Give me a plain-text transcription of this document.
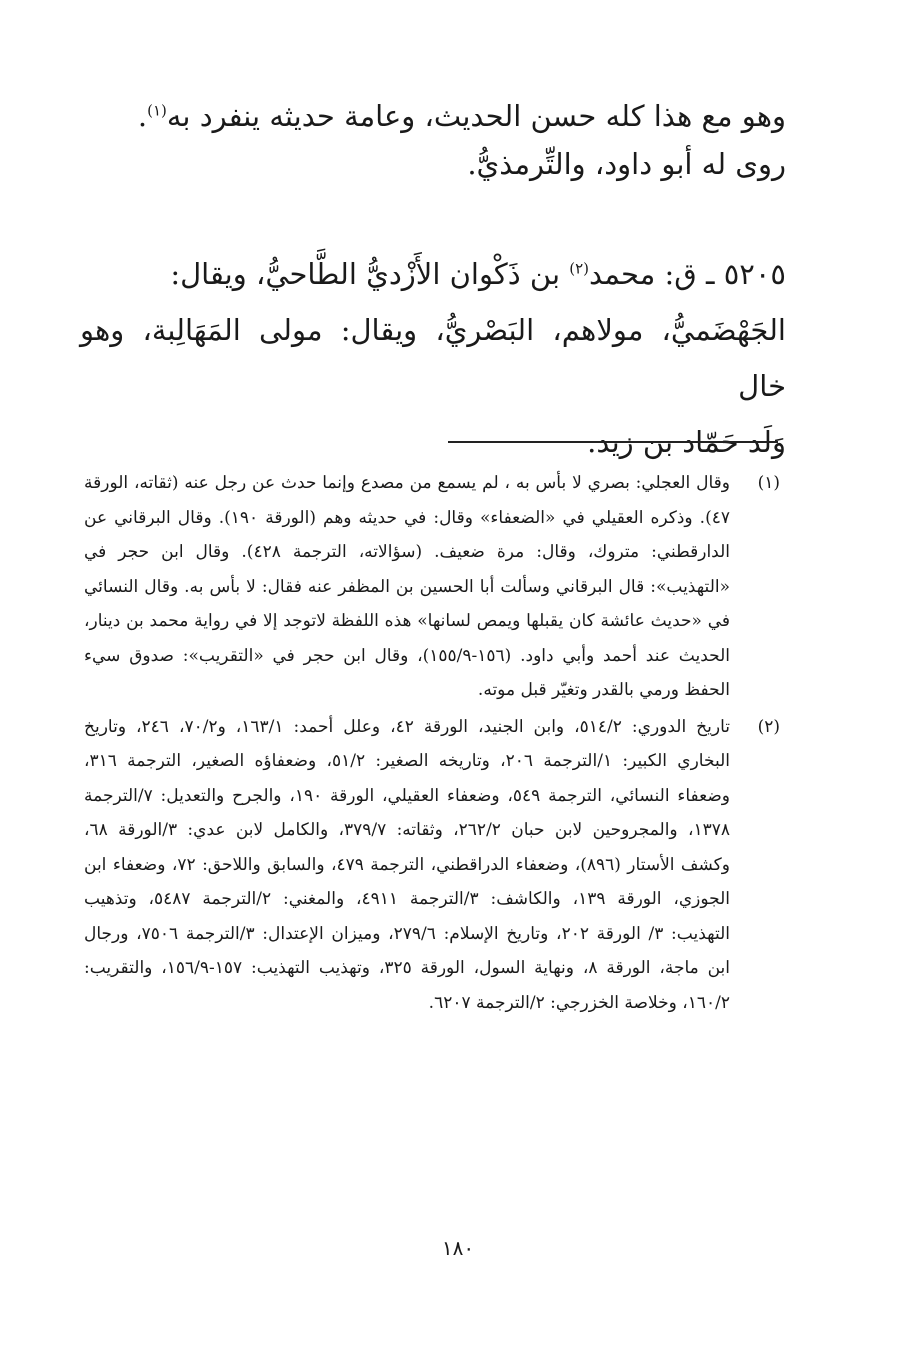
وهو مع هذا كله حسن الحديث، وعامة حديثه ينفرد به$^{(١)}$.

روى له أبو داود، والتِّرمذيُّ.

٥٢٠٥ ـ ق: محمد$^{(٢)}$ بن ذَكْوان الأَزْديُّ الطَّاحيُّ، ويقال:
الجَهْضَميُّ، مولاهم، البَصْريُّ، ويقال: مولى المَهَالِبة، وهو خال
وَلَد حَمّاد بن زيد.
(١)
وقال العجلي: بصري لا بأس به ، لم يسمع من مصدع وإنما حدث عن رجل عنه (ثقاته، الورقة ٤٧). وذكره العقيلي في «الضعفاء» وقال: في حديثه وهم (الورقة ١٩٠). وقال البرقاني عن الدارقطني: متروك، وقال: مرة ضعيف. (سؤالاته، الترجمة ٤٢٨). وقال ابن حجر في «التهذيب»: قال البرقاني وسألت أبا الحسين بن المظفر عنه فقال: لا بأس به. وقال النسائي في «حديث عائشة كان يقبلها ويمص لسانها» هذه اللفظة لاتوجد إلا في رواية محمد بن دينار، الحديث عند أحمد وأبي داود. (١٥٦-١٥٥/٩)، وقال ابن حجر في «التقريب»: صدوق سيء الحفظ ورمي بالقدر وتغيّر قبل موته.
(٢)
تاريخ الدوري: ٥١٤/٢، وابن الجنيد، الورقة ٤٢، وعلل أحمد: ١٦٣/١، و٧٠/٢، ٢٤٦، وتاريخ البخاري الكبير: ١/الترجمة ٢٠٦، وتاريخه الصغير: ٥١/٢، وضعفاؤه الصغير، الترجمة ٣١٦، وضعفاء النسائي، الترجمة ٥٤٩، وضعفاء العقيلي، الورقة ١٩٠، والجرح والتعديل: ٧/الترجمة ١٣٧٨، والمجروحين لابن حبان ٢٦٢/٢، وثقاته: ٣٧٩/٧، والكامل لابن عدي: ٣/الورقة ٦٨، وكشف الأستار (٨٩٦)، وضعفاء الدراقطني، الترجمة ٤٧٩، والسابق واللاحق: ٧٢، وضعفاء ابن الجوزي، الورقة ١٣٩، والكاشف: ٣/الترجمة ٤٩١١، والمغني: ٢/الترجمة ٥٤٨٧، وتذهيب التهذيب: ٣/ الورقة ٢٠٢، وتاريخ الإسلام: ٢٧٩/٦، وميزان الإعتدال: ٣/الترجمة ٧٥٠٦، ورجال ابن ماجة، الورقة ٨، ونهاية السول، الورقة ٣٢٥، وتهذيب التهذيب: ١٥٧-١٥٦/٩، والتقريب: ١٦٠/٢، وخلاصة الخزرجي: ٢/الترجمة ٦٢٠٧.
١٨٠
